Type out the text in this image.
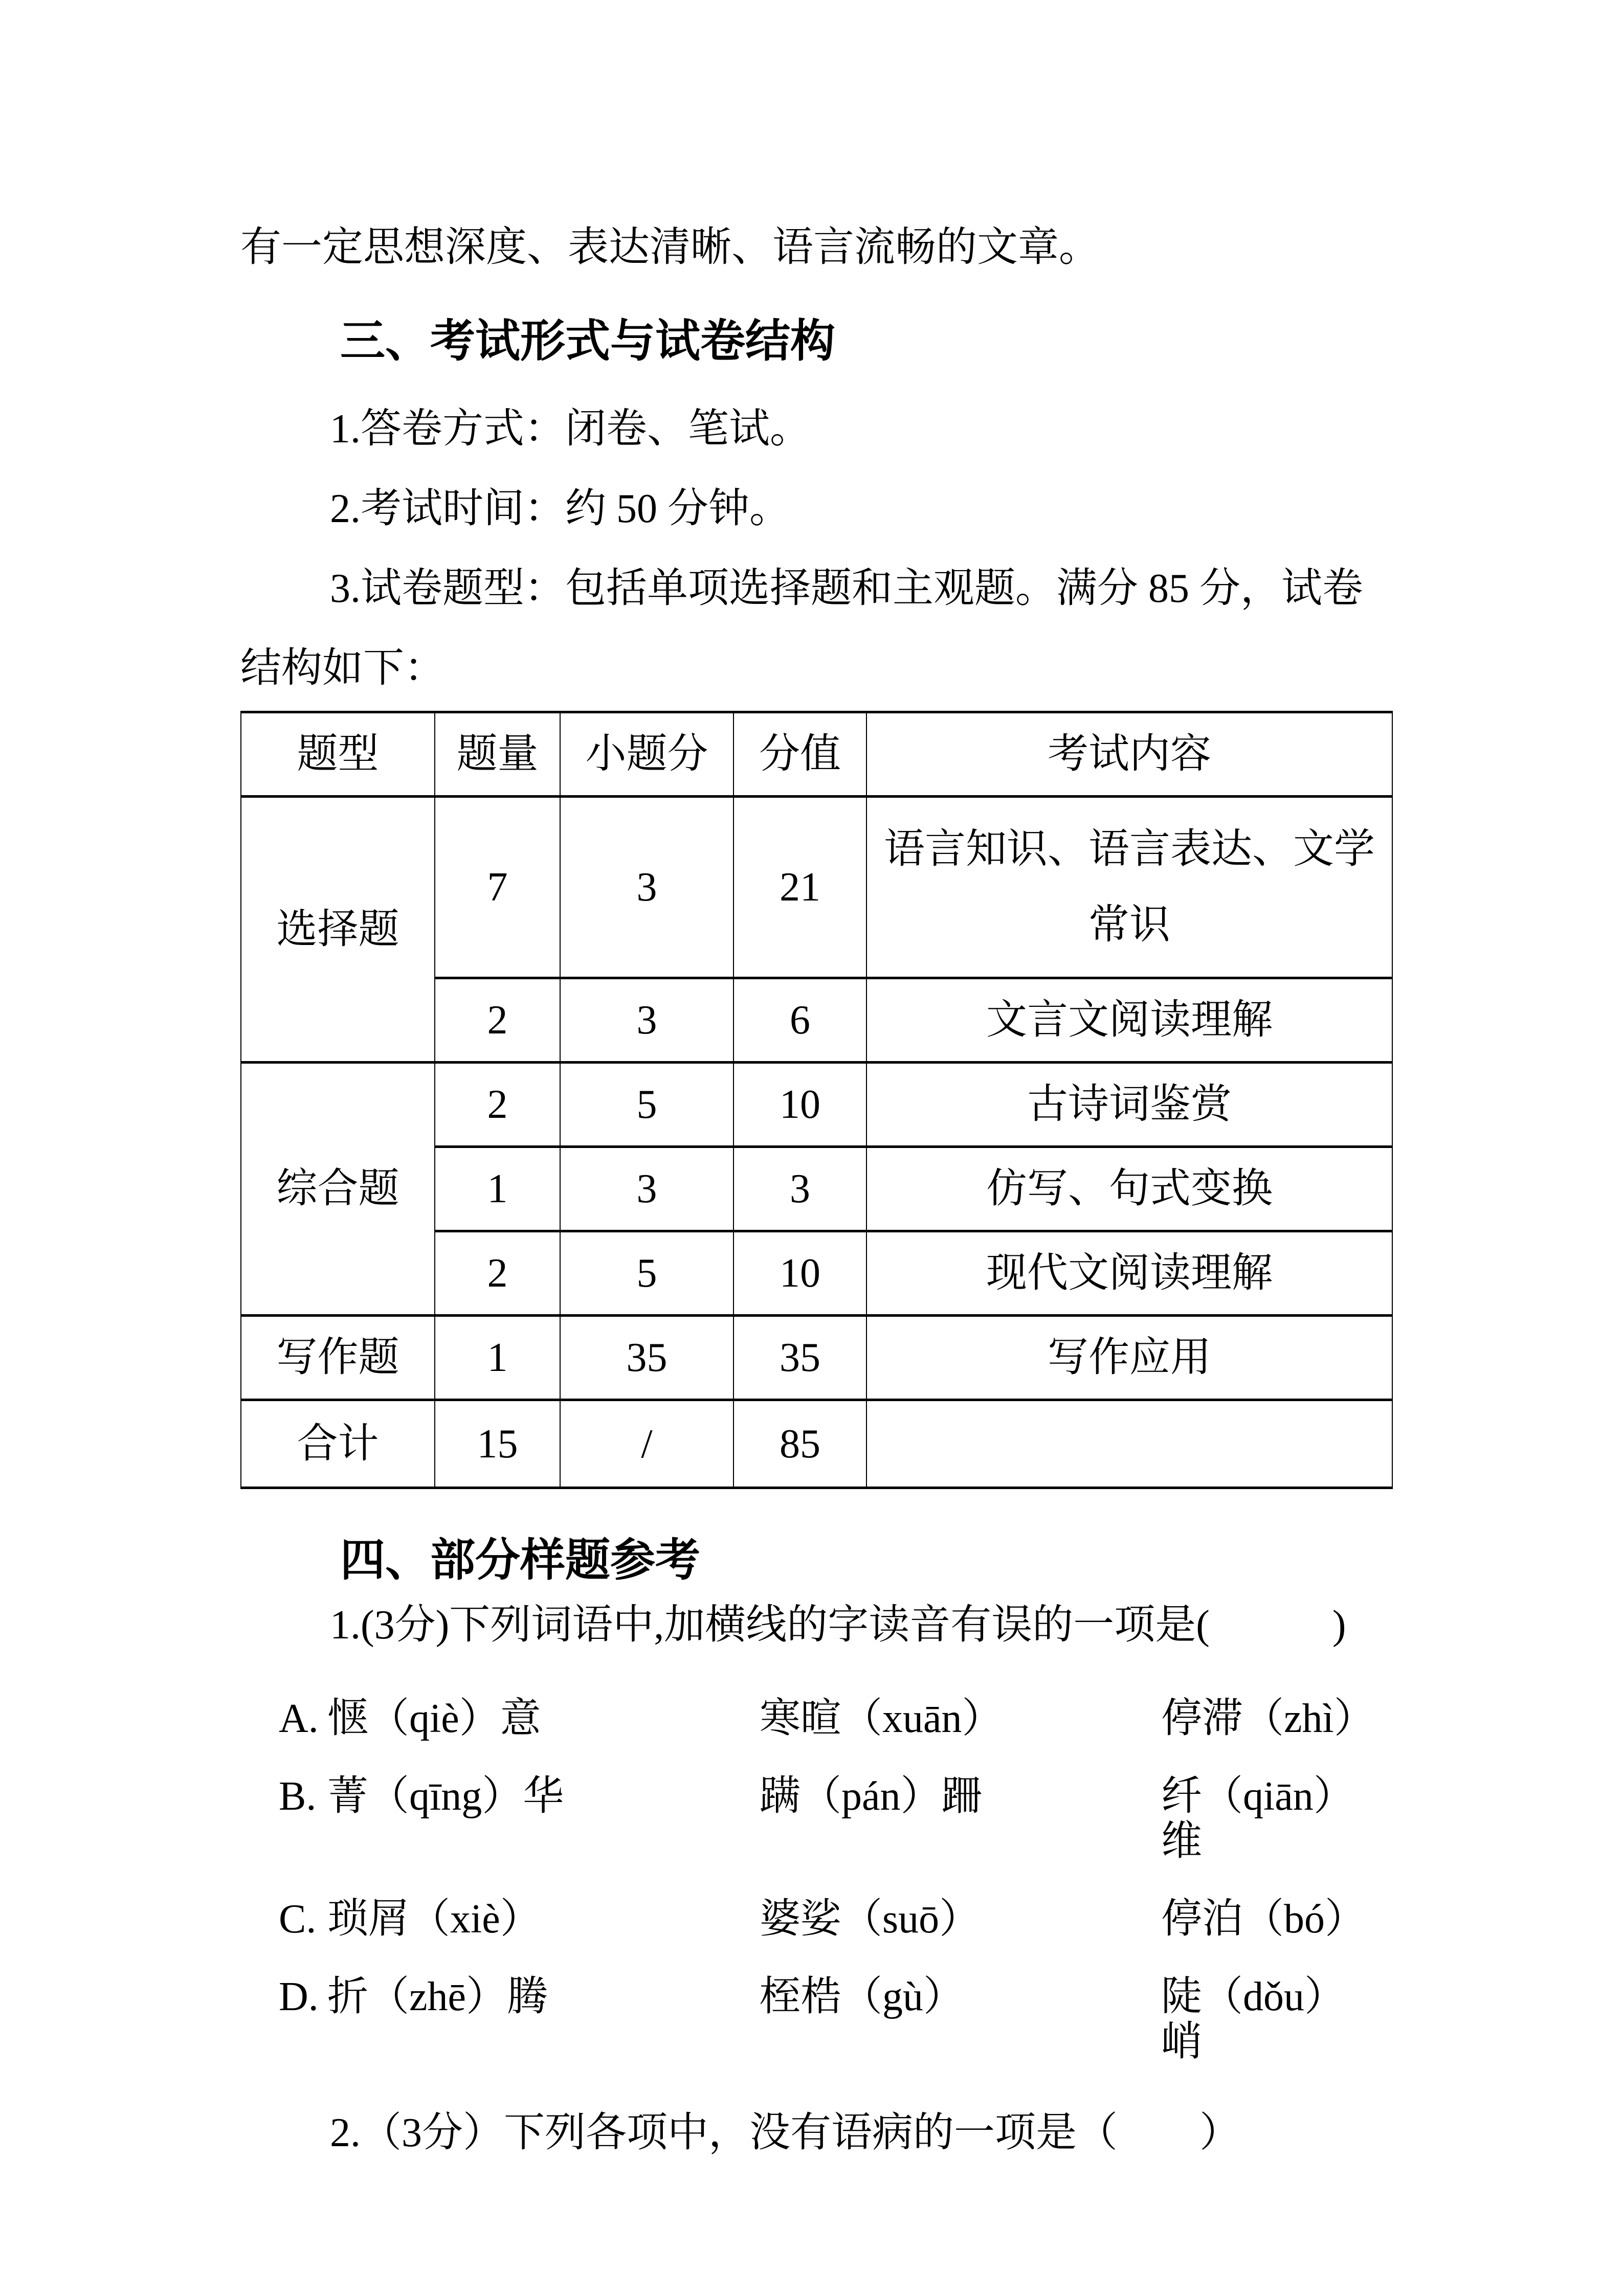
有一定思想深度、表达清晰、语言流畅的文章。

三、考试形式与试卷结构

1.答卷方式：闭卷、笔试。

2.考试时间：约 50 分钟。

3.试卷题型：包括单项选择题和主观题。满分 85 分，试卷

结构如下：

题型	题量	小题分	分值	考试内容
选择题	7	3	21	语言知识、语言表达、文学常识
	2	3	6	文言文阅读理解
综合题	2	5	10	古诗词鉴赏
	1	3	3	仿写、句式变换
	2	5	10	现代文阅读理解
写作题	1	35	35	写作应用
合计	15	/	85	
四、部分样题参考

1.(3分)下列词语中,加横线的字读音有误的一项是(　　　)

A. 惬（qiè）意	寒暄（xuān）	停滞（zhì）
B. 菁（qīng）华	蹒（pán）跚	纤（qiān）维
C. 琐屑（xiè）	婆娑（suō）	停泊（bó）
D. 折（zhē）腾	桎梏（gù）	陡（dǒu）峭

2.（3分）下列各项中，没有语病的一项是（　　）
